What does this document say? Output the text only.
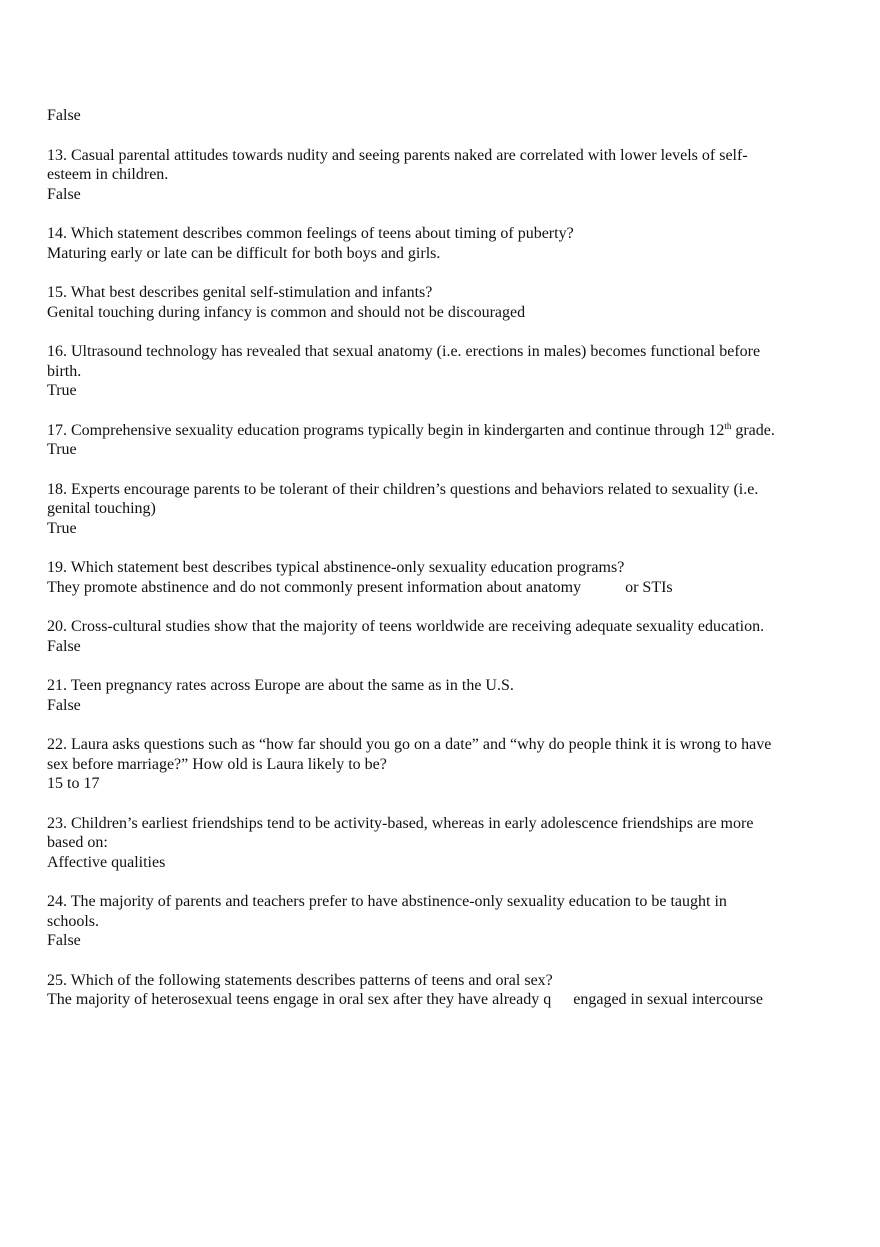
False
13. Casual parental attitudes towards nudity and seeing parents naked are correlated with lower levels of self-
esteem in children.
False
14. Which statement describes common feelings of teens about timing of puberty?
Maturing early or late can be difficult for both boys and girls.
15. What best describes genital self-stimulation and infants?
Genital touching during infancy is common and should not be discouraged
16. Ultrasound technology has revealed that sexual anatomy (i.e. erections in males) becomes functional before
birth.
True
17. Comprehensive sexuality education programs typically begin in kindergarten and continue through 12th grade.
True
18. Experts encourage parents to be tolerant of their children’s questions and behaviors related to sexuality (i.e.
genital touching)
True
19. Which statement best describes typical abstinence-only sexuality education programs?
They promote abstinence and do not commonly present information about anatomy	or STIs
20. Cross-cultural studies show that the majority of teens worldwide are receiving adequate sexuality education.
False
21. Teen pregnancy rates across Europe are about the same as in the U.S.
False
22. Laura asks questions such as “how far should you go on a date” and “why do people think it is wrong to have
sex before marriage?” How old is Laura likely to be?
15 to 17
23. Children’s earliest friendships tend to be activity-based, whereas in early adolescence friendships are more
based on:
Affective qualities
24. The majority of parents and teachers prefer to have abstinence-only sexuality education to be taught in
schools.
False
25. Which of the following statements describes patterns of teens and oral sex?
The majority of heterosexual teens engage in oral sex after they have already q engaged in sexual intercourse
